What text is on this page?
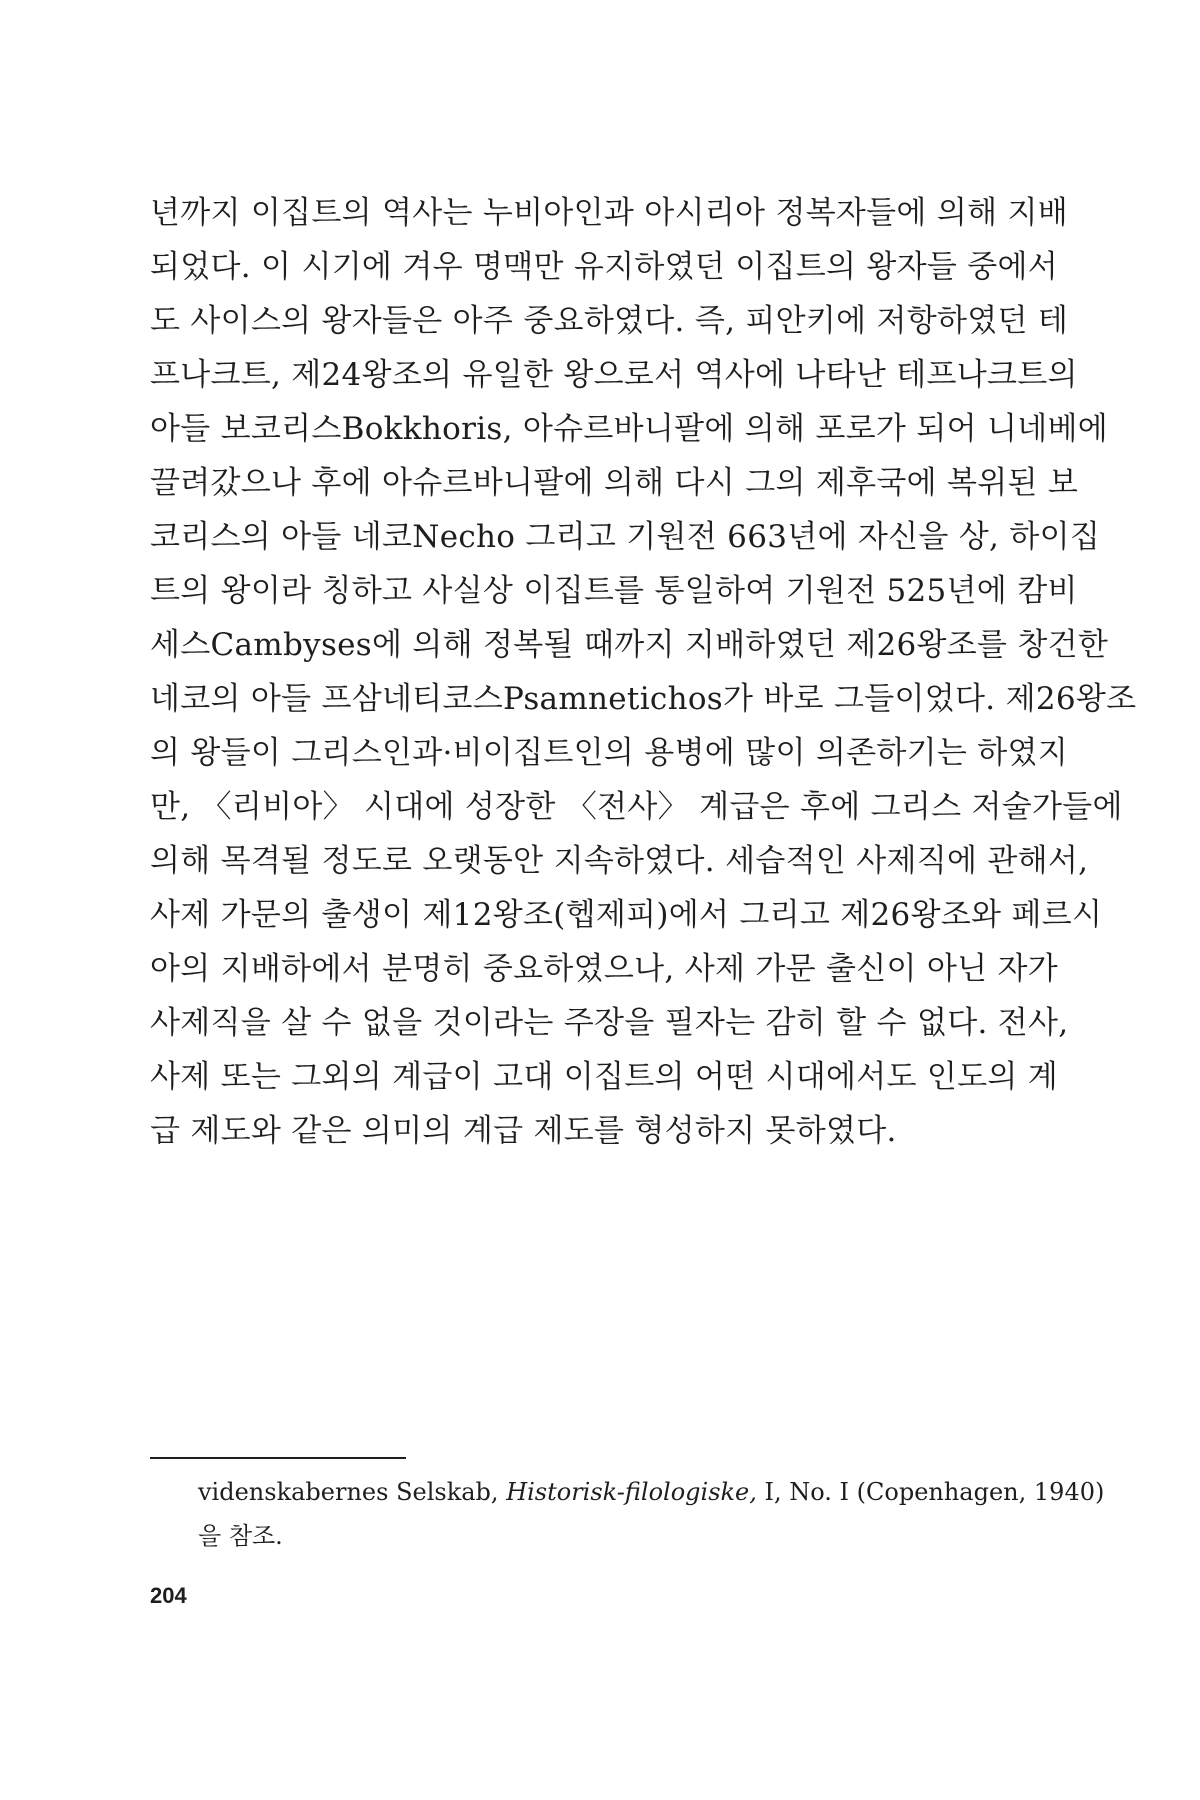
년까지 이집트의 역사는 누비아인과 아시리아 정복자들에 의해 지배
되었다. 이 시기에 겨우 명맥만 유지하였던 이집트의 왕자들 중에서
도 사이스의 왕자들은 아주 중요하였다. 즉, 피안키에 저항하였던 테
프나크트, 제24왕조의 유일한 왕으로서 역사에 나타난 테프나크트의
아들 보코리스Bokkhoris, 아슈르바니팔에 의해 포로가 되어 니네베에
끌려갔으나 후에 아슈르바니팔에 의해 다시 그의 제후국에 복위된 보
코리스의 아들 네코Necho 그리고 기원전 663년에 자신을 상, 하이집
트의 왕이라 칭하고 사실상 이집트를 통일하여 기원전 525년에 캄비
세스Cambyses에 의해 정복될 때까지 지배하였던 제26왕조를 창건한
네코의 아들 프삼네티코스Psamnetichos가 바로 그들이었다. 제26왕조
의 왕들이 그리스인과·비이집트인의 용병에 많이 의존하기는 하였지
만, 〈리비아〉 시대에 성장한 〈전사〉 계급은 후에 그리스 저술가들에
의해 목격될 정도로 오랫동안 지속하였다. 세습적인 사제직에 관해서,
사제 가문의 출생이 제12왕조(헵제피)에서 그리고 제26왕조와 페르시
아의 지배하에서 분명히 중요하였으나, 사제 가문 출신이 아닌 자가
사제직을 살 수 없을 것이라는 주장을 필자는 감히 할 수 없다. 전사,
사제 또는 그외의 계급이 고대 이집트의 어떤 시대에서도 인도의 계
급 제도와 같은 의미의 계급 제도를 형성하지 못하였다.
videnskabernes Selskab, Historisk-filologiske, I, No. I (Copenhagen, 1940)
을 참조.
204
